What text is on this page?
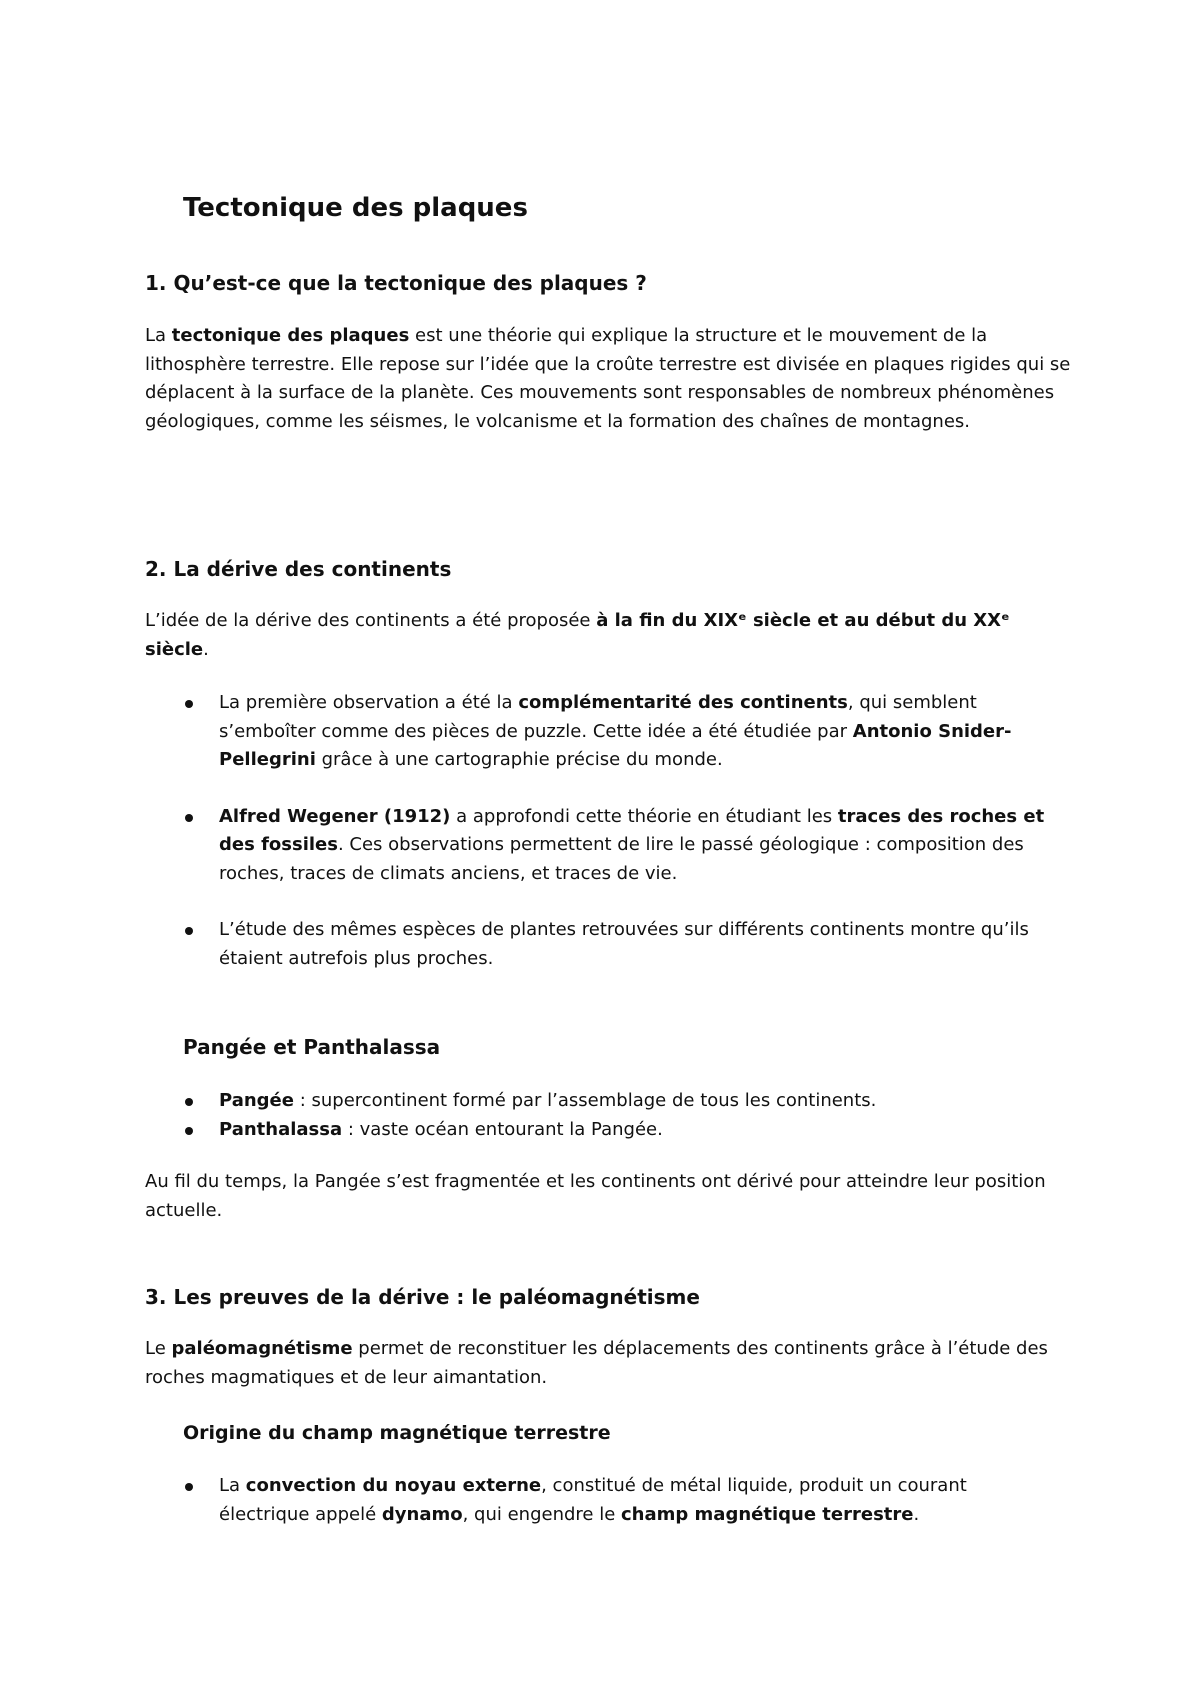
Tectonique des plaques
1. Qu’est-ce que la tectonique des plaques ?

La tectonique des plaques est une théorie qui explique la structure et le mouvement de la lithosphère terrestre. Elle repose sur l’idée que la croûte terrestre est divisée en plaques rigides qui se déplacent à la surface de la planète. Ces mouvements sont responsables de nombreux phénomènes géologiques, comme les séismes, le volcanisme et la formation des chaînes de montagnes.

2. La dérive des continents

L’idée de la dérive des continents a été proposée à la fin du XIXᵉ siècle et au début du XXᵉ siècle.

La première observation a été la complémentarité des continents, qui semblent s’emboîter comme des pièces de puzzle. Cette idée a été étudiée par Antonio Snider-Pellegrini grâce à une cartographie précise du monde.
Alfred Wegener (1912) a approfondi cette théorie en étudiant les traces des roches et des fossiles. Ces observations permettent de lire le passé géologique : composition des roches, traces de climats anciens, et traces de vie.
L’étude des mêmes espèces de plantes retrouvées sur différents continents montre qu’ils étaient autrefois plus proches.
Pangée et Panthalassa
Pangée : supercontinent formé par l’assemblage de tous les continents.
Panthalassa : vaste océan entourant la Pangée.

Au fil du temps, la Pangée s’est fragmentée et les continents ont dérivé pour atteindre leur position actuelle.

3. Les preuves de la dérive : le paléomagnétisme

Le paléomagnétisme permet de reconstituer les déplacements des continents grâce à l’étude des roches magmatiques et de leur aimantation.

Origine du champ magnétique terrestre
La convection du noyau externe, constitué de métal liquide, produit un courant électrique appelé dynamo, qui engendre le champ magnétique terrestre.
